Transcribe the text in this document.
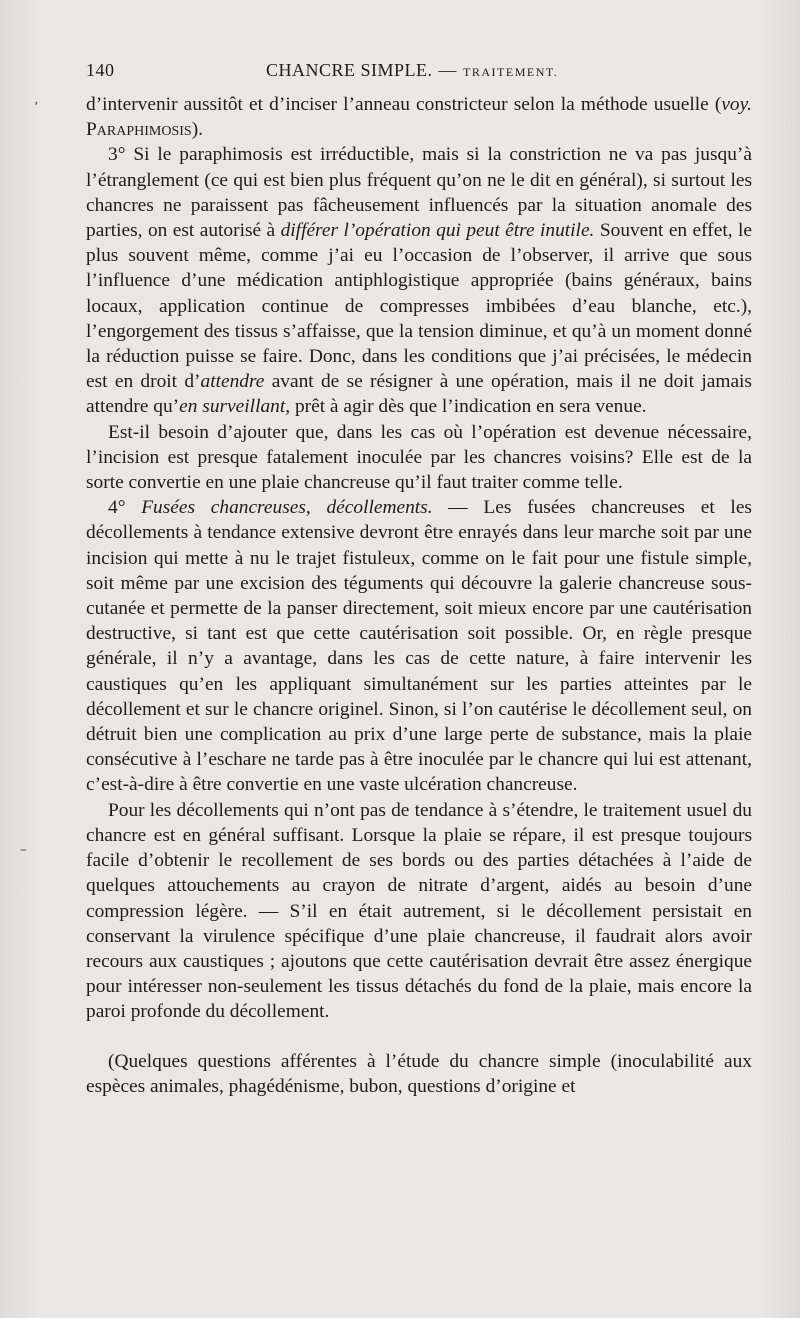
140	CHANCRE SIMPLE. — TRAITEMENT.

d’intervenir aussitôt et d’inciser l’anneau constricteur selon la méthode usuelle (voy. Paraphimosis).

3° Si le paraphimosis est irréductible, mais si la constriction ne va pas jusqu’à l’étranglement (ce qui est bien plus fréquent qu’on ne le dit en général), si surtout les chancres ne paraissent pas fâcheusement influencés par la situation anomale des parties, on est autorisé à différer l’opération qui peut être inutile. Souvent en effet, le plus souvent même, comme j’ai eu l’occasion de l’observer, il arrive que sous l’influence d’une médication antiphlogistique appropriée (bains généraux, bains locaux, application continue de compresses imbibées d’eau blanche, etc.), l’engorgement des tissus s’affaisse, que la tension diminue, et qu’à un moment donné la réduction puisse se faire. Donc, dans les conditions que j’ai précisées, le médecin est en droit d’attendre avant de se résigner à une opération, mais il ne doit jamais attendre qu’en surveillant, prêt à agir dès que l’indication en sera venue.

Est-il besoin d’ajouter que, dans les cas où l’opération est devenue nécessaire, l’incision est presque fatalement inoculée par les chancres voisins? Elle est de la sorte convertie en une plaie chancreuse qu’il faut traiter comme telle.

4° Fusées chancreuses, décollements. — Les fusées chancreuses et les décollements à tendance extensive devront être enrayés dans leur marche soit par une incision qui mette à nu le trajet fistuleux, comme on le fait pour une fistule simple, soit même par une excision des téguments qui découvre la galerie chancreuse sous-cutanée et permette de la panser directement, soit mieux encore par une cautérisation destructive, si tant est que cette cautérisation soit possible. Or, en règle presque générale, il n’y a avantage, dans les cas de cette nature, à faire intervenir les caustiques qu’en les appliquant simultanément sur les parties atteintes par le décollement et sur le chancre originel. Sinon, si l’on cautérise le décollement seul, on détruit bien une complication au prix d’une large perte de substance, mais la plaie consécutive à l’eschare ne tarde pas à être inoculée par le chancre qui lui est attenant, c’est-à-dire à être convertie en une vaste ulcération chancreuse.

Pour les décollements qui n’ont pas de tendance à s’étendre, le traitement usuel du chancre est en général suffisant. Lorsque la plaie se répare, il est presque toujours facile d’obtenir le recollement de ses bords ou des parties détachées à l’aide de quelques attouchements au crayon de nitrate d’argent, aidés au besoin d’une compression légère. — S’il en était autrement, si le décollement persistait en conservant la virulence spécifique d’une plaie chancreuse, il faudrait alors avoir recours aux caustiques ; ajoutons que cette cautérisation devrait être assez énergique pour intéresser non-seulement les tissus détachés du fond de la plaie, mais encore la paroi profonde du décollement.

(Quelques questions afférentes à l’étude du chancre simple (inoculabilité aux espèces animales, phagédénisme, bubon, questions d’origine et

ʼ
–
